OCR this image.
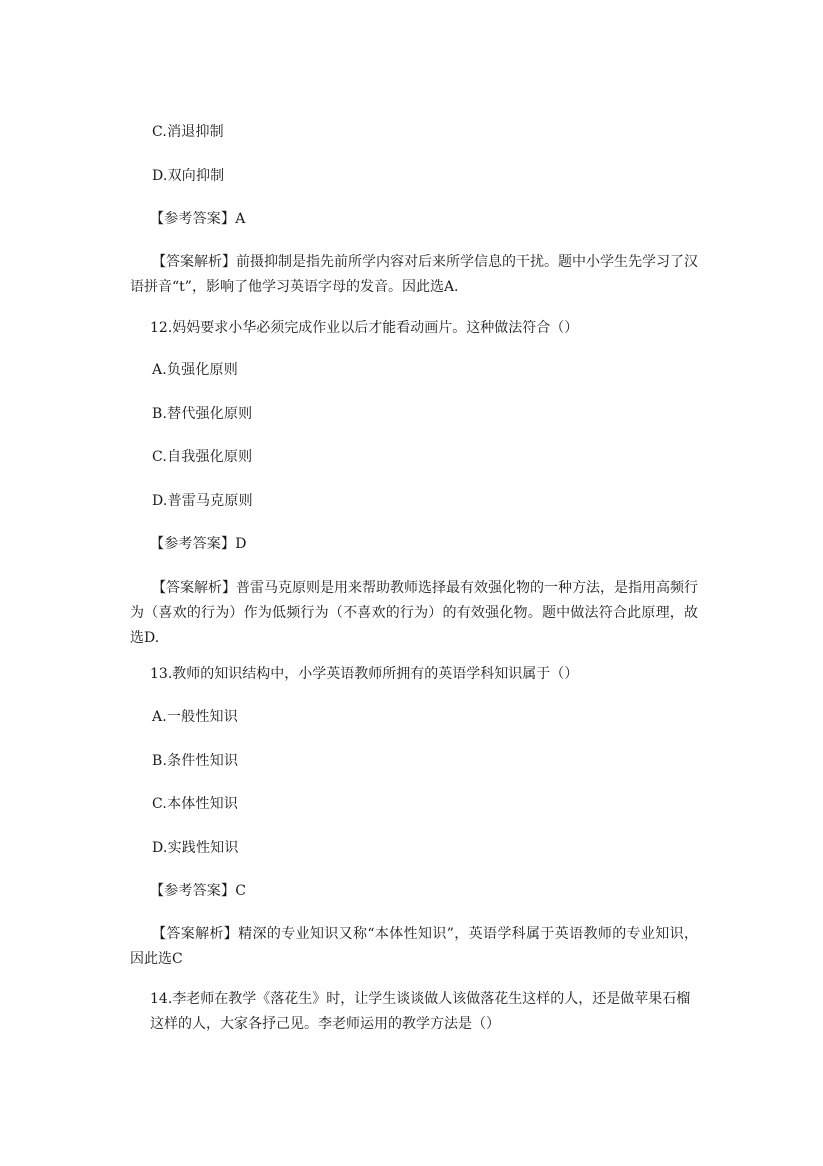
C.消退抑制
D.双向抑制
【参考答案】A
【答案解析】前摄抑制是指先前所学内容对后来所学信息的干扰。题中小学生先学习了汉语拼音“t”，影响了他学习英语字母的发音。因此选A.
12.妈妈要求小华必须完成作业以后才能看动画片。这种做法符合（）
A.负强化原则
B.替代强化原则
C.自我强化原则
D.普雷马克原则
【参考答案】D
【答案解析】普雷马克原则是用来帮助教师选择最有效强化物的一种方法，是指用高频行为（喜欢的行为）作为低频行为（不喜欢的行为）的有效强化物。题中做法符合此原理，故选D.
13.教师的知识结构中，小学英语教师所拥有的英语学科知识属于（）
A.一般性知识
B.条件性知识
C.本体性知识
D.实践性知识
【参考答案】C
【答案解析】精深的专业知识又称“本体性知识”，英语学科属于英语教师的专业知识，因此选C
14.李老师在教学《落花生》时，让学生谈谈做人该做落花生这样的人，还是做苹果石榴这样的人，大家各抒己见。李老师运用的教学方法是（）
